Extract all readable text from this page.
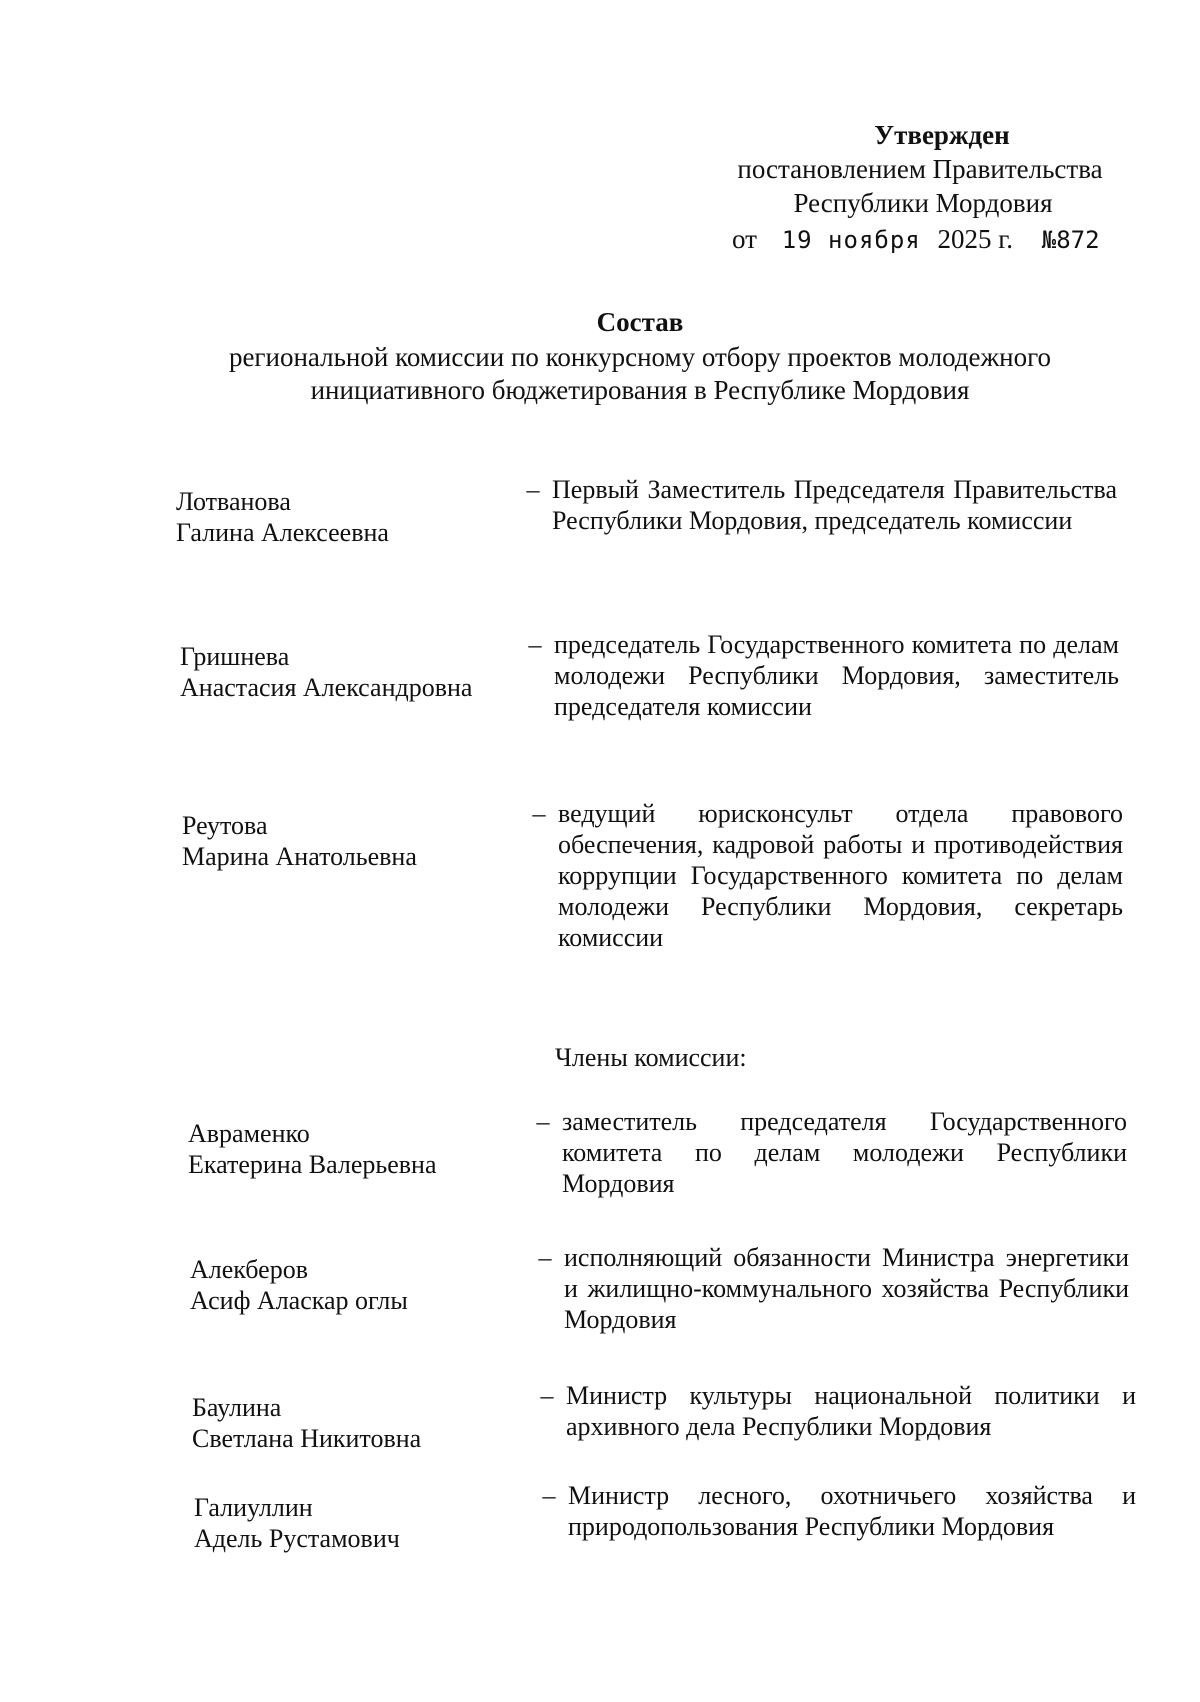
Утвержден
постановлением Правительства
Республики Мордовия
от 19 ноября 2025 г. №872
Состав
региональной комиссии по конкурсному отбору проектов молодежного
инициативного бюджетирования в Республике Мордовия
Лотванова
Галина Алексеевна
– Первый Заместитель Председателя Правительства Республики Мордовия, председатель комиссии
Гришнева
Анастасия Александровна
– председатель Государственного комитета по делам молодежи Республики Мордовия, заместитель председателя комиссии
Реутова
Марина Анатольевна
– ведущий юрисконсульт отдела правового обеспечения, кадровой работы и противодействия коррупции Государственного комитета по делам молодежи Республики Мордовия, секретарь комиссии
Члены комиссии:
Авраменко
Екатерина Валерьевна
– заместитель председателя Государственного комитета по делам молодежи Республики Мордовия
Алекберов
Асиф Аласкар оглы
– исполняющий обязанности Министра энергетики и жилищно-коммунального хозяйства Республики Мордовия
Баулина
Светлана Никитовна
– Министр культуры национальной политики и архивного дела Республики Мордовия
Галиуллин
Адель Рустамович
– Министр лесного, охотничьего хозяйства и природопользования Республики Мордовия
